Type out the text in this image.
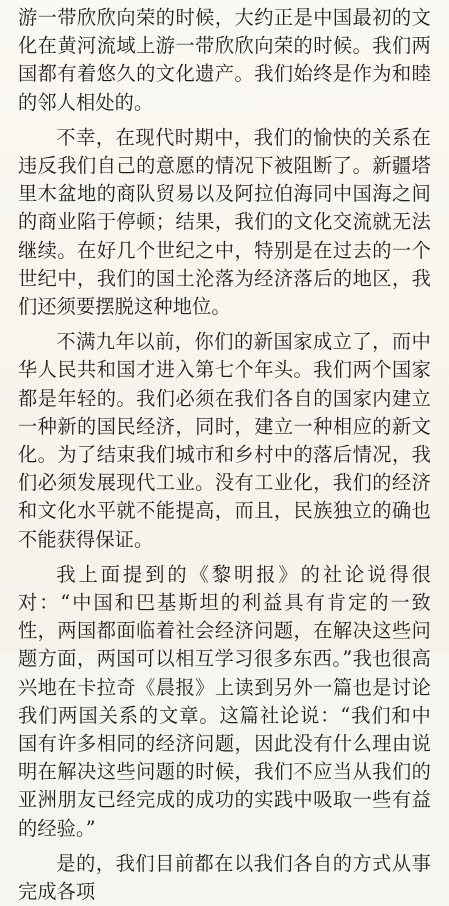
游一带欣欣向荣的时候，大约正是中国最初的文化在黄河流域上游一带欣欣向荣的时候。我们两国都有着悠久的文化遗产。我们始终是作为和睦的邻人相处的。

不幸，在现代时期中，我们的愉快的关系在违反我们自己的意愿的情况下被阻断了。新疆塔里木盆地的商队贸易以及阿拉伯海同中国海之间的商业陷于停顿；结果，我们的文化交流就无法继续。在好几个世纪之中，特别是在过去的一个世纪中，我们的国土沦落为经济落后的地区，我们还须要摆脱这种地位。

不满九年以前，你们的新国家成立了，而中华人民共和国才进入第七个年头。我们两个国家都是年轻的。我们必须在我们各自的国家内建立一种新的国民经济，同时，建立一种相应的新文化。为了结束我们城市和乡村中的落后情况，我们必须发展现代工业。没有工业化，我们的经济和文化水平就不能提高，而且，民族独立的确也不能获得保证。

我上面提到的《黎明报》的社论说得很对：“中国和巴基斯坦的利益具有肯定的一致性，两国都面临着社会经济问题，在解决这些问题方面，两国可以相互学习很多东西。”我也很高兴地在卡拉奇《晨报》上读到另外一篇也是讨论我们两国关系的文章。这篇社论说：“我们和中国有许多相同的经济问题，因此没有什么理由说明在解决这些问题的时候，我们不应当从我们的亚洲朋友已经完成的成功的实践中吸取一些有益的经验。”

是的，我们目前都在以我们各自的方式从事完成各项
